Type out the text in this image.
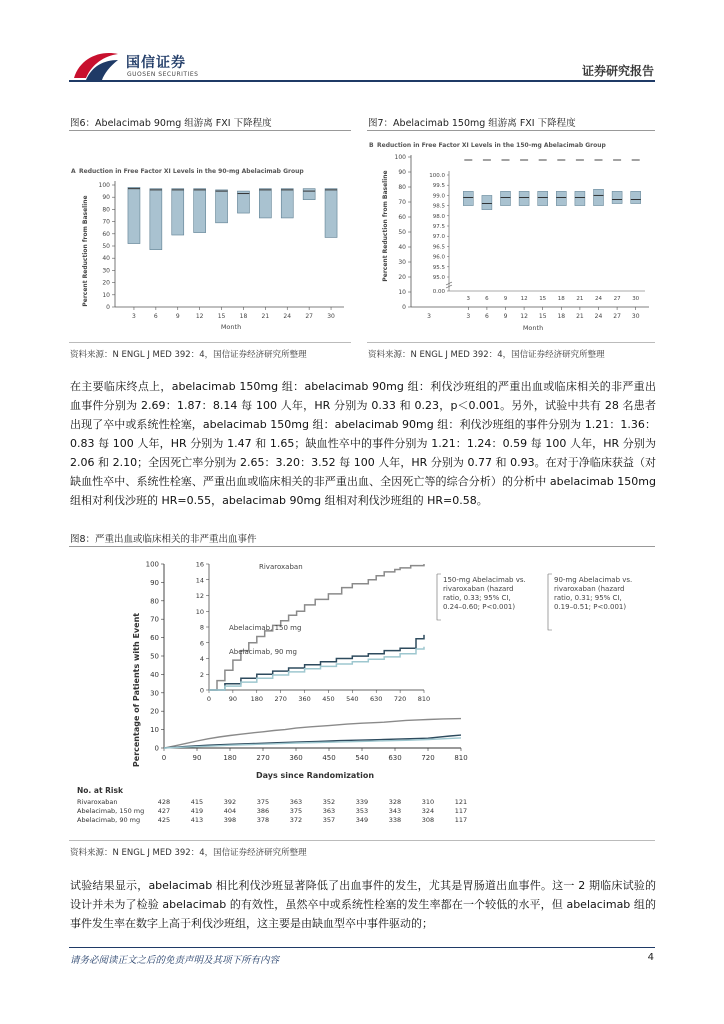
国信证券
GUOSEN SECURITIES	证券研究报告
图6：Abelacimab 90mg 组游离 FXI 下降程度
A Reduction in Free Factor XI Levels in the 90-mg Abelacimab Group
0
10
20
30
40
50
60
70
80
90
100
3	6	9	12 15 18 21 24 27 30
Month
Percent Reduction from Baseline
资料来源：N ENGL J MED 392：4，国信证券经济研究所整理
图7：Abelacimab 150mg 组游离 FXI 下降程度
B Reduction in Free Factor XI Levels in the 150-mg Abelacimab Group
0
10
20
30
40
50
60
70
80
90
100
0.00
95.0
95.5
96.0
96.5
97.0
97.5
98.0
98.5
99.0
99.5
100.0
3
3
6
6
9
9
12
12
15
15
18
18
21
21
24
24
27
27
30
30
3
Month
Percent Reduction from Baseline
资料来源：N ENGL J MED 392：4，国信证券经济研究所整理
在主要临床终点上，abelacimab 150mg 组：abelacimab 90mg 组：利伐沙班组的严重出血或临床相关的非严重出血事件分别为 2.69：1.87：8.14 每 100 人年，HR 分别为 0.33 和 0.23，p＜0.001。另外，试验中共有 28 名患者出现了卒中或系统性栓塞，abelacimab 150mg 组：abelacimab 90mg 组：利伐沙班组的事件分别为 1.21：1.36：0.83 每 100 人年，HR 分别为 1.47 和 1.65；缺血性卒中的事件分别为 1.21：1.24：0.59 每 100 人年，HR 分别为 2.06 和 2.10；全因死亡率分别为 2.65：3.20：3.52 每 100 人年，HR 分别为 0.77 和 0.93。在对于净临床获益（对缺血性卒中、系统性栓塞、严重出血或临床相关的非严重出血、全因死亡等的综合分析）的分析中 abelacimab 150mg 组相对利伐沙班的 HR=0.55，abelacimab 90mg 组相对利伐沙班组的 HR=0.58。
图8：严重出血或临床相关的非严重出血事件
0
10
20
30
40
50
60
70
80
90
100
0	90	180	270	360	450	540	630	720	810
0
2
4
6
8
10
12
14
16
0	90 180 270 360 450 540 630 720 810
Rivaroxaban
Abelacimab, 150 mg
Abelacimab, 90 mg
Percentage of Patients with Event
Days since Randomization
150-mg Abelacimab vs. rivaroxaban (hazard ratio, 0.33; 95% CI, 0.24–0.60; P<0.001)
90-mg Abelacimab vs. rivaroxaban (hazard ratio, 0.31; 95% CI, 0.19–0.51; P<0.001)
No. at Risk
Rivaroxaban	428	415	392	375	363	352	339	328	310	121
Abelacimab, 150 mg 427	419	404	386	375	363	353	343	324	117
Abelacimab, 90 mg	425	413	398	378	372	357	349	338	308	117
资料来源：N ENGL J MED 392：4，国信证券经济研究所整理
试验结果显示，abelacimab 相比利伐沙班显著降低了出血事件的发生，尤其是胃肠道出血事件。这一 2 期临床试验的设计并未为了检验 abelacimab 的有效性，虽然卒中或系统性栓塞的发生率都在一个较低的水平，但 abelacimab 组的事件发生率在数字上高于利伐沙班组，这主要是由缺血型卒中事件驱动的；
请务必阅读正文之后的免责声明及其项下所有内容	4
